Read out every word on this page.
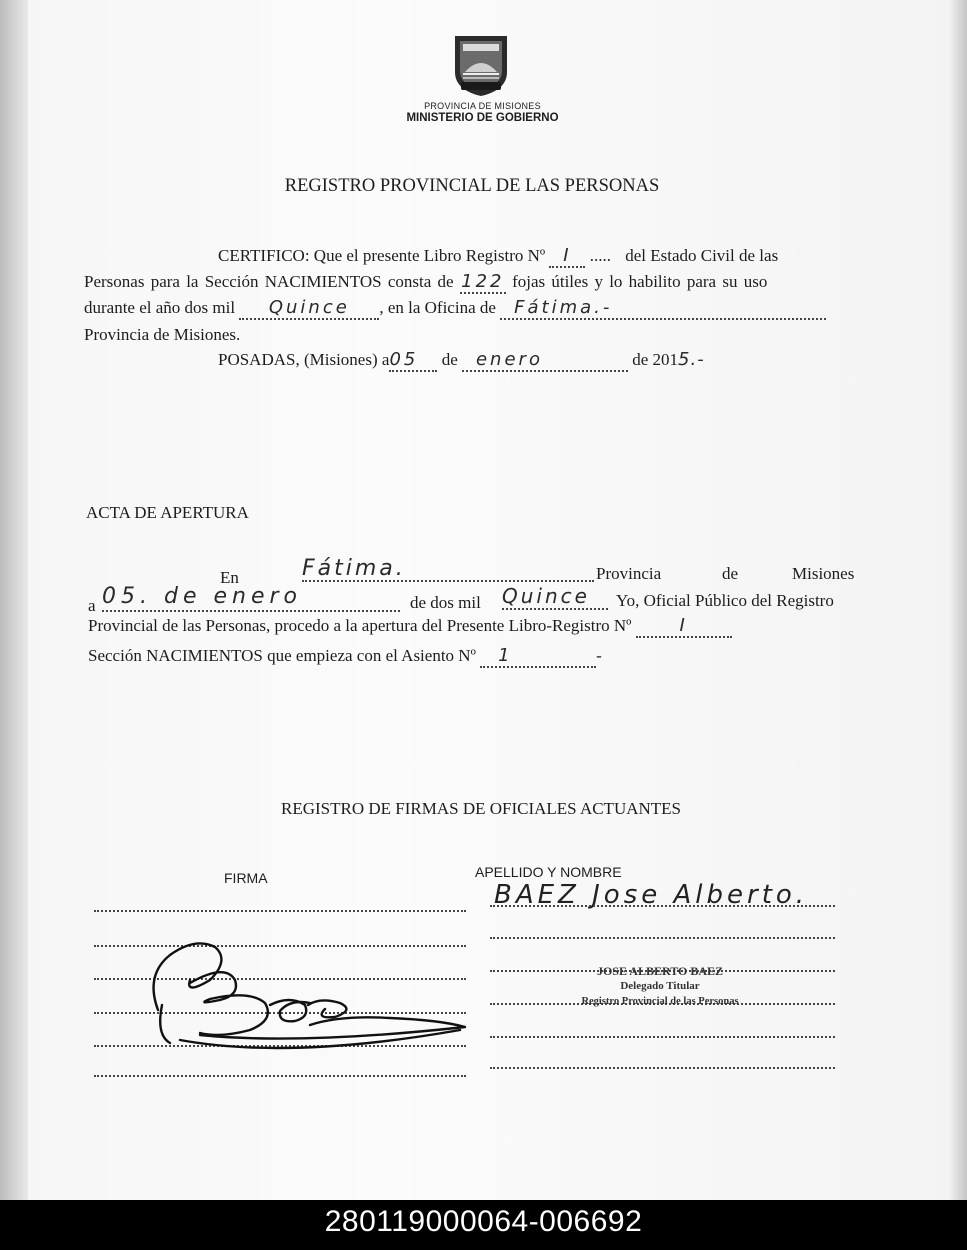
PROVINCIA DE MISIONES
MINISTERIO DE GOBIERNO
REGISTRO PROVINCIAL DE LAS PERSONAS
CERTIFICO: Que el presente Libro Registro Nº I ..... del Estado Civil de las
Personas para la Sección NACIMIENTOS consta de 122 fojas útiles y lo habilito para su uso
durante el año dos mil Quince , en la Oficina de Fátima.-
Provincia de Misiones.
POSADAS, (Misiones) a05 de enero	de 2015.-
ACTA DE APERTURA
En	Fátima.	Provincia	de	Misiones
a 05. de enero	de dos mil Quince	Yo, Oficial Público del Registro
Provincial de las Personas, procedo a la apertura del Presente Libro-Registro Nº	I
Sección NACIMIENTOS que empieza con el Asiento Nº 1	-
REGISTRO DE FIRMAS DE OFICIALES ACTUANTES
FIRMA	APELLIDO Y NOMBRE
BAEZ Jose Alberto.
JOSE ALBERTO BAEZ
Delegado Titular
Registro Provincial de las Personas
280119000064-006692
